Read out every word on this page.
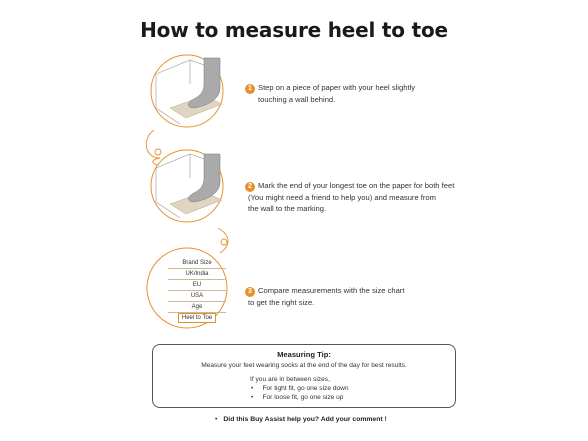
How to measure heel to toe
Brand Size
UK/India
EU
USA
Age
Heel to Toe
1 Step on a piece of paper with your heel slightly
touching a wall behind.
2 Mark the end of your longest toe on the paper for both feet
(You might need a friend to help you) and measure from
the wall to the marking.
3 Compare measurements with the size chart
to get the right size.
Measuring Tip:
Measure your feet wearing socks at the end of the day for best results.
If you are in between sizes,
•     For tight fit, go one size down
•     For loose fit, go one size up
• Did this Buy Assist help you? Add your comment !
